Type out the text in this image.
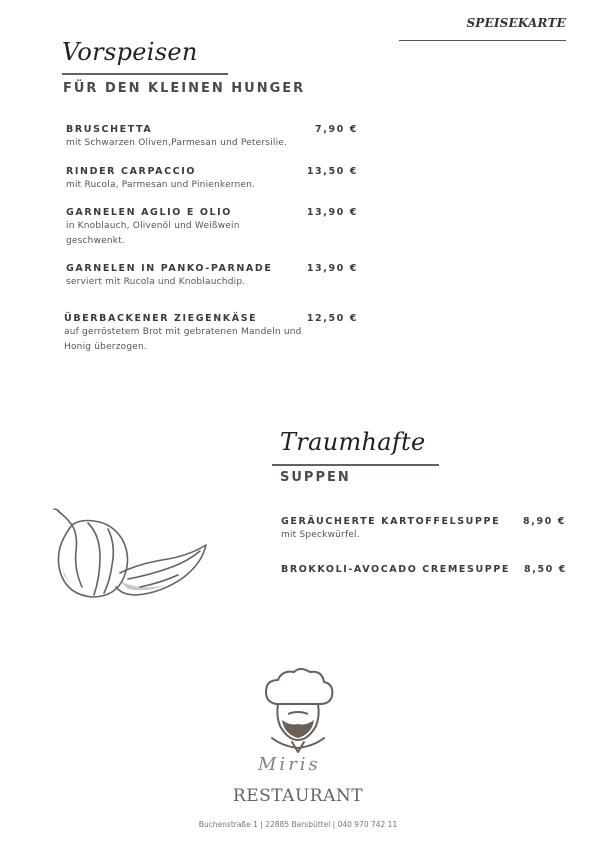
SPEISEKARTE
Vorspeisen
FÜR DEN KLEINEN HUNGER
BRUSCHETTA	7,90 €
mit Schwarzen Oliven,Parmesan und Petersilie.
RINDER CARPACCIO	13,50 €
mit Rucola, Parmesan und Pinienkernen.
GARNELEN AGLIO E OLIO	13,90 €
in Knoblauch, Olivenöl und Weißwein geschwenkt.
GARNELEN IN PANKO-PARNADE	13,90 €
serviert mit Rucola und Knoblauchdip.
ÜBERBACKENER ZIEGENKÄSE	12,50 €
auf gerröstetem Brot mit gebratenen Mandeln und Honig überzogen.
Traumhafte
SUPPEN
GERÄUCHERTE KARTOFFELSUPPE 8,90 €
mit Speckwürfel.
BROKKOLI-AVOCADO CREMESUPPE 8,50 €
Miris
RESTAURANT
Buchenstraße 1 | 22885 Barsbüttel | 040 970 742 11
